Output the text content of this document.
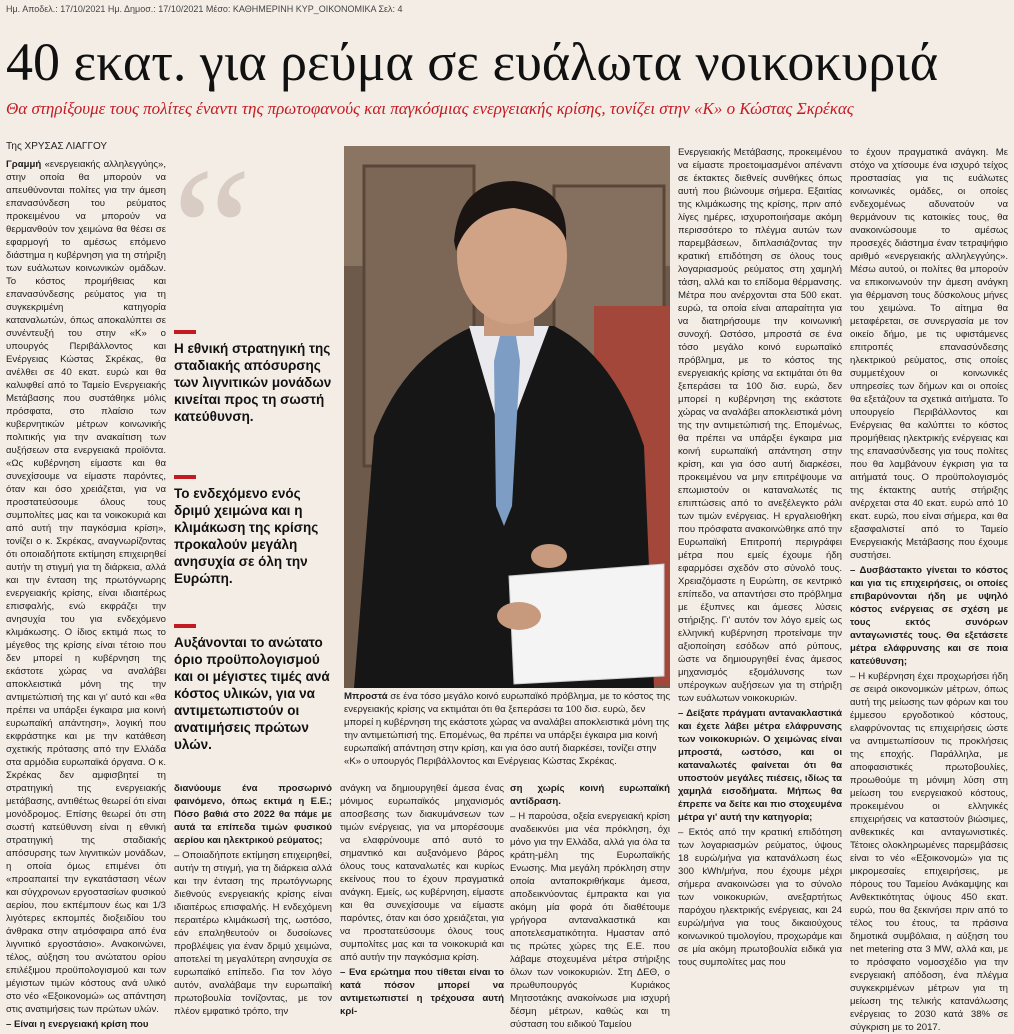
Ημ. Αποδελ.: 17/10/2021 Ημ. Δημοσ.: 17/10/2021 Μέσο: ΚΑΘΗΜΕΡΙΝΗ ΚΥΡ_ΟΙΚΟΝΟΜΙΚΑ Σελ: 4
40 εκατ. για ρεύμα σε ευάλωτα νοικοκυριά
Θα στηρίξουμε τους πολίτες έναντι της πρωτοφανούς και παγκόσμιας ενεργειακής κρίσης, τονίζει στην «Κ» ο Κώστας Σκρέκας
Της ΧΡΥΣΑΣ ΛΙΑΓΓΟΥ

Γραμμή «ενεργειακής αλληλεγγύης», στην οποία θα μπορούν να απευθύνονται πολίτες για την άμεση επανασύνδεση του ρεύματος προκειμένου να μπορούν να θερμανθούν τον χειμώνα θα θέσει σε εφαρμογή το αμέσως επόμενο διάστημα η κυβέρνηση για τη στήριξη των ευάλωτων κοινωνικών ομάδων. Το κόστος προμήθειας και επανασύνδεσης ρεύματος για τη συγκεκριμένη κατηγορία καταναλωτών, όπως αποκαλύπτει σε συνέντευξή του στην «Κ» ο υπουργός Περιβάλλοντος και Ενέργειας Κώστας Σκρέκας, θα ανέλθει σε 40 εκατ. ευρώ και θα καλυφθεί από το Ταμείο Ενεργειακής Μετάβασης που συστάθηκε μόλις πρόσφατα, στο πλαίσιο των κυβερνητικών μέτρων κοινωνικής πολιτικής για την ανακαίτιση των αυξήσεων στα ενεργειακά προϊόντα. «Ως κυβέρνηση είμαστε και θα συνεχίσουμε να είμαστε παρόντες, όταν και όσο χρειάζεται, για να προστατεύσουμε όλους τους συμπολίτες μας και τα νοικοκυριά και από αυτή την παγκόσμια κρίση», τονίζει ο κ. Σκρέκας, αναγνωρίζοντας ότι οποιαδήποτε εκτίμηση επιχειρηθεί αυτήν τη στιγμή για τη διάρκεια, αλλά και την ένταση της πρωτόγνωρης ενεργειακής κρίσης, είναι ιδιαιτέρως επισφαλής, ενώ εκφράζει την ανησυχία του για ενδεχόμενο κλιμάκωσης. Ο ίδιος εκτιμά πως το μέγεθος της κρίσης είναι τέτοιο που δεν μπορεί η κυβέρνηση της εκάστοτε χώρας να αναλάβει αποκλειστικά μόνη της την αντιμετώπισή της και γι' αυτό και «θα πρέπει να υπάρξει έγκαιρα μια κοινή ευρωπαϊκή απάντηση», λογική που εκφράστηκε και με την κατάθεση σχετικής πρότασης από την Ελλάδα στα αρμόδια ευρωπαϊκά όργανα. Ο κ. Σκρέκας δεν αμφισβητεί τη στρατηγική της ενεργειακής μετάβασης, αντιθέτως θεωρεί ότι είναι μονόδρομος. Επίσης θεωρεί ότι στη σωστή κατεύθυνση είναι η εθνική στρατηγική της σταδιακής απόσυρσης των λιγνιτικών μονάδων, η οποία όμως επιμένει ότι «προαπαιτεί την εγκατάσταση νέων και σύγχρονων εργοστασίων φυσικού αερίου, που εκπέμπουν έως και 1/3 λιγότερες εκπομπές διοξειδίου του άνθρακα στην ατμόσφαιρα από ένα λιγνιτικό εργοστάσιο». Ανακοινώνει, τέλος, αύξηση του ανώτατου ορίου επιλέξιμου προϋπολογισμού και των μέγιστων τιμών κόστους ανά υλικό στο νέο «Εξοικονομώ» ως απάντηση στις ανατιμήσεις των πρώτων υλών.

– Είναι η ενεργειακή κρίση που

“
Η εθνική στρατηγική της σταδιακής απόσυρσης των λιγνιτικών μονάδων κινείται προς τη σωστή κατεύθυνση.
Το ενδεχόμενο ενός δριμύ χειμώνα και η κλιμάκωση της κρίσης προκαλούν μεγάλη ανησυχία σε όλη την Ευρώπη.
Αυξάνονται το ανώτατο όριο προϋπολογισμού και οι μέγιστες τιμές ανά κόστος υλικών, για να αντιμετωπιστούν οι ανατιμήσεις πρώτων υλών.
Μπροστά σε ένα τόσο μεγάλο κοινό ευρωπαϊκό πρόβλημα, με το κόστος της ενεργειακής κρίσης να εκτιμάται ότι θα ξεπεράσει τα 100 δισ. ευρώ, δεν μπορεί η κυβέρνηση της εκάστοτε χώρας να αναλάβει αποκλειστικά μόνη της την αντιμετώπισή της. Επομένως, θα πρέπει να υπάρξει έγκαιρα μια κοινή ευρωπαϊκή απάντηση στην κρίση, και για όσο αυτή διαρκέσει, τονίζει στην «Κ» ο υπουργός Περιβάλλοντος και Ενέργειας Κώστας Σκρέκας.

διανύουμε ένα προσωρινό φαινόμενο, όπως εκτιμά η Ε.Ε.; Πόσο βαθιά στο 2022 θα πάμε με αυτά τα επίπεδα τιμών φυσικού αερίου και ηλεκτρικού ρεύματος;

– Οποιαδήποτε εκτίμηση επιχειρηθεί, αυτήν τη στιγμή, για τη διάρκεια αλλά και την ένταση της πρωτόγνωρης διεθνούς ενεργειακής κρίσης είναι ιδιαιτέρως επισφαλής. Η ενδεχόμενη περαιτέρω κλιμάκωσή της, ωστόσο, εάν επαληθευτούν οι δυσοίωνες προβλέψεις για έναν δριμύ χειμώνα, αποτελεί τη μεγαλύτερη ανησυχία σε ευρωπαϊκό επίπεδο. Για τον λόγο αυτόν, αναλάβαμε την ευρωπαϊκή πρωτοβουλία τονίζοντας, με τον πλέον εμφατικό τρόπο, την

ανάγκη να δημιουργηθεί άμεσα ένας μόνιμος ευρωπαϊκός μηχανισμός αποσβεσης των διακυμάνσεων των τιμών ενέργειας, για να μπορέσουμε να ελαφρύνουμε από αυτό το σημαντικό και αυξανόμενο βάρος όλους τους καταναλωτές και κυρίως εκείνους που το έχουν πραγματικά ανάγκη. Εμείς, ως κυβέρνηση, είμαστε και θα συνεχίσουμε να είμαστε παρόντες, όταν και όσο χρειάζεται, για να προστατεύσουμε όλους τους συμπολίτες μας και τα νοικοκυριά και από αυτήν την παγκόσμια κρίση.

– Ενα ερώτημα που τίθεται είναι το κατά πόσον μπορεί να αντιμετωπιστεί η τρέχουσα αυτή κρί-

ση χωρίς κοινή ευρωπαϊκή αντίδραση.

– Η παρούσα, οξεία ενεργειακή κρίση αναδεικνύει μια νέα πρόκληση, όχι μόνο για την Ελλάδα, αλλά για όλα τα κράτη-μέλη της Ευρωπαϊκής Ενωσης. Μια μεγάλη πρόκληση στην οποία ανταποκριθήκαμε άμεσα, αποδεικνύοντας έμπρακτα και για ακόμη μία φορά ότι διαθέτουμε γρήγορα ανταναλκαστικά και αποτελεσματικότητα. Ημασταν από τις πρώτες χώρες της Ε.Ε. που λάβαμε στοχευμένα μέτρα στήριξης όλων των νοικοκυριών. Στη ΔΕΘ, ο πρωθυπουργός Κυριάκος Μητσοτάκης ανακοίνωσε μια ισχυρή δέσμη μέτρων, καθώς και τη σύσταση του ειδικού Ταμείου

Ενεργειακής Μετάβασης, προκειμένου να είμαστε προετοιμασμένοι απέναντι σε έκτακτες διεθνείς συνθήκες όπως αυτή που βιώνουμε σήμερα. Εξαιτίας της κλιμάκωσης της κρίσης, πριν από λίγες ημέρες, ισχυροποιήσαμε ακόμη περισσότερο το πλέγμα αυτών των παρεμβάσεων, διπλασιάζοντας την κρατική επιδότηση σε όλους τους λογαριασμούς ρεύματος στη χαμηλή τάση, αλλά και το επίδομα θέρμανσης. Μέτρα που ανέρχονται στα 500 εκατ. ευρώ, τα οποία είναι απαραίτητα για να διατηρήσουμε την κοινωνική συνοχή. Ωστόσο, μπροστά σε ένα τόσο μεγάλο κοινό ευρωπαϊκό πρόβλημα, με το κόστος της ενεργειακής κρίσης να εκτιμάται ότι θα ξεπεράσει τα 100 δισ. ευρώ, δεν μπορεί η κυβέρνηση της εκάστοτε χώρας να αναλάβει αποκλειστικά μόνη της την αντιμετώπισή της. Επομένως, θα πρέπει να υπάρξει έγκαιρα μια κοινή ευρωπαϊκή απάντηση στην κρίση, και για όσο αυτή διαρκέσει, προκειμένου να μην επιτρέψουμε να επωμιστούν οι καταναλωτές τις επιπτώσεις από το ανεξέλεγκτο ράλι των τιμών ενέργειας. Η εργαλειοθήκη που πρόσφατα ανακοινώθηκε από την Ευρωπαϊκή Επιτροπή περιγράφει μέτρα που εμείς έχουμε ήδη εφαρμόσει σχεδόν στο σύνολό τους. Χρειαζόμαστε η Ευρώπη, σε κεντρικό επίπεδο, να απαντήσει στο πρόβλημα με έξυπνες και άμεσες λύσεις στήριξης. Γι' αυτόν τον λόγο εμείς ως ελληνική κυβέρνηση προτείναμε την αξιοποίηση εσόδων από ρύπους, ώστε να δημιουργηθεί ένας άμεσος μηχανισμός εξομάλυνσης των υπέρογκων αυξήσεων για τη στήριξη των ευάλωτων νοικοκυριών.

– Δείξατε πράγματι αντανακλαστικά και έχετε λάβει μέτρα ελάφρυνσης των νοικοκυριών. Ο χειμώνας είναι μπροστά, ωστόσο, και οι καταναλωτές φαίνεται ότι θα υποστούν μεγάλες πιέσεις, ιδίως τα χαμηλά εισοδήματα. Μήπως θα έπρεπε να δείτε και πιο στοχευμένα μέτρα γι' αυτή την κατηγορία;

– Εκτός από την κρατική επιδότηση των λογαριασμών ρεύματος, ύψους 18 ευρώ/μήνα για κατανάλωση έως 300 kWh/μήνα, που έχουμε μέχρι σήμερα ανακοινώσει για το σύνολο των νοικοκυριών, ανεξαρτήτως παρόχου ηλεκτρικής ενέργειας, και 24 ευρώ/μήνα για τους δικαιούχους κοινωνικού τιμολογίου, προχωράμε και σε μία ακόμη πρωτοβουλία ειδικά για τους συμπολίτες μας που

το έχουν πραγματικά ανάγκη. Με στόχο να χτίσουμε ένα ισχυρό τείχος προστασίας για τις ευάλωτες κοινωνικές ομάδες, οι οποίες ενδεχομένως αδυνατούν να θερμάνουν τις κατοικίες τους, θα ανακοινώσουμε το αμέσως προσεχές διάστημα έναν τετραψήφιο αριθμό «ενεργειακής αλληλεγγύης». Μέσω αυτού, οι πολίτες θα μπορούν να επικοινωνούν την άμεση ανάγκη για θέρμανση τους δύσκολους μήνες του χειμώνα. Το αίτημα θα μεταφέρεται, σε συνεργασία με τον οικείο δήμο, με τις υφιστάμενες επιτροπές επανασύνδεσης ηλεκτρικού ρεύματος, στις οποίες συμμετέχουν οι κοινωνικές υπηρεσίες των δήμων και οι οποίες θα εξετάζουν τα σχετικά αιτήματα. Το υπουργείο Περιβάλλοντος και Ενέργειας θα καλύπτει το κόστος προμήθειας ηλεκτρικής ενέργειας και της επανασύνδεσης για τους πολίτες που θα λαμβάνουν έγκριση για τα αιτήματά τους. Ο προϋπολογισμός της έκτακτης αυτής στήριξης ανέρχεται στα 40 εκατ. ευρώ από 10 εκατ. ευρώ, που είναι σήμερα, και θα εξασφαλιστεί από το Ταμείο Ενεργειακής Μετάβασης που έχουμε συστήσει.

– Δυσβάστακτο γίνεται το κόστος και για τις επιχειρήσεις, οι οποίες επιβαρύνονται ήδη με υψηλό κόστος ενέργειας σε σχέση με τους εκτός συνόρων ανταγωνιστές τους. Θα εξετάσετε μέτρα ελάφρυνσης και σε ποια κατεύθυνση;

– Η κυβέρνηση έχει προχωρήσει ήδη σε σειρά οικονομικών μέτρων, όπως αυτή της μείωσης των φόρων και του έμμεσου εργοδοτικού κόστους, ελαφρύνοντας τις επιχειρήσεις ώστε να αντιμετωπίσουν τις προκλήσεις της εποχής. Παράλληλα, με αποφασιστικές πρωτοβουλίες, προωθούμε τη μόνιμη λύση στη μείωση του ενεργειακού κόστους, προκειμένου οι ελληνικές επιχειρήσεις να καταστούν βιώσιμες, ανθεκτικές και ανταγωνιστικές. Τέτοιες ολοκληρωμένες παρεμβάσεις είναι το νέο «Εξοικονομώ» για τις μικρομεσαίες επιχειρήσεις, με πόρους του Ταμείου Ανάκαμψης και Ανθεκτικότητας ύψους 450 εκατ. ευρώ, που θα ξεκινήσει πριν από το τέλος του έτους, τα πράσινα δημοτικά συμβόλαια, η αύξηση του net metering στα 3 MW, αλλά και, με το πρόσφατο νομοσχέδιο για την ενεργειακή απόδοση, ένα πλέγμα συγκεκριμένων μέτρων για τη μείωση της τελικής κατανάλωσης ενέργειας το 2030 κατά 38% σε σύγκριση με το 2017.
